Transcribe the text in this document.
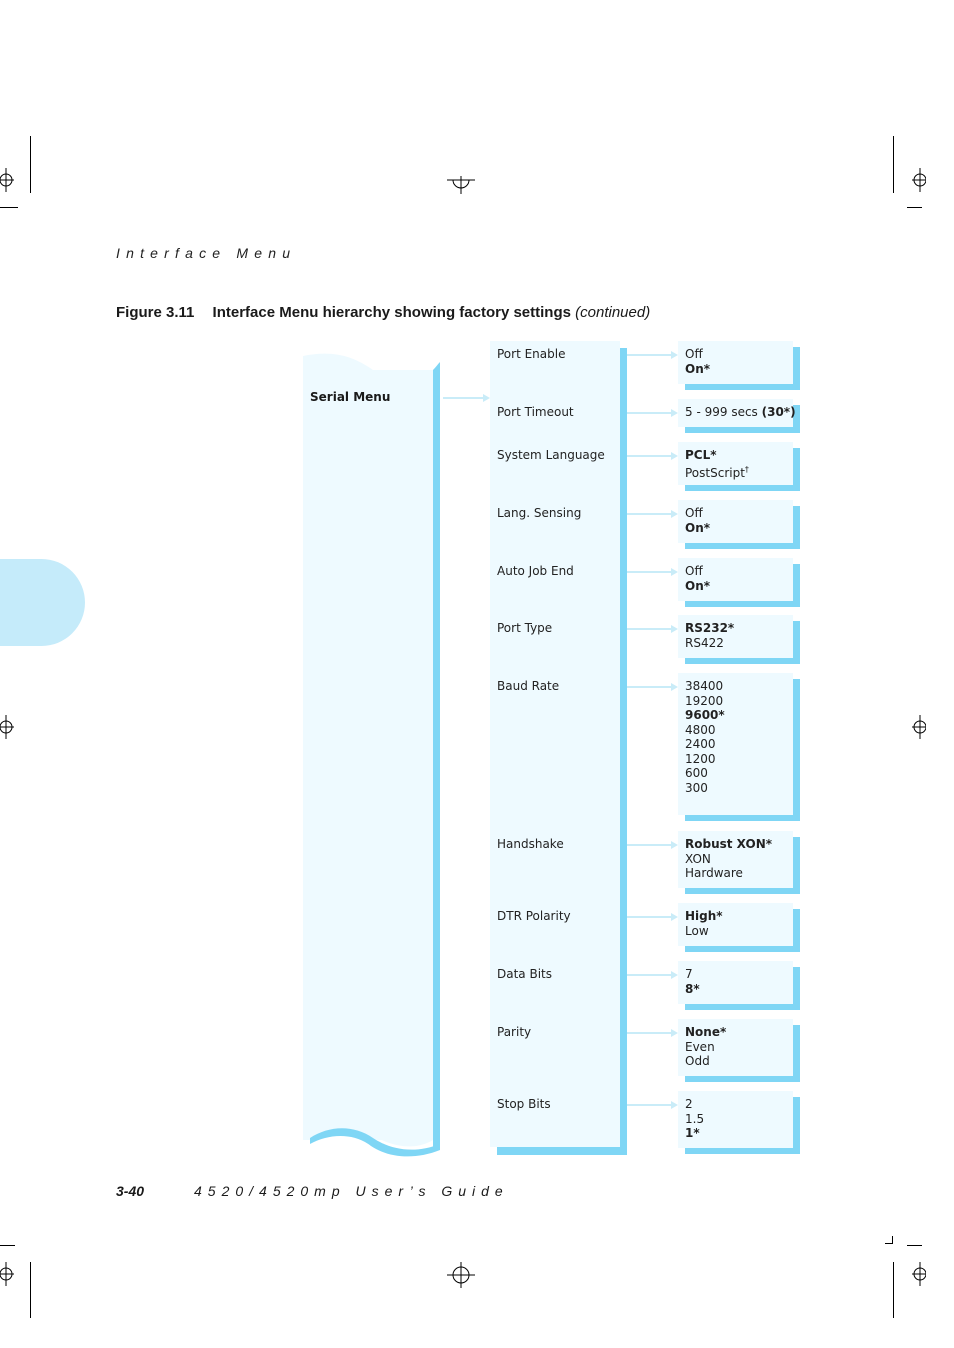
Interface Menu
Figure 3.11 Interface Menu hierarchy showing factory settings (continued)
Serial Menu
Port Enable	Off
On*
Port Timeout	5 - 999 secs (30*)
System Language	PCL*
PostScript†
Lang. Sensing	Off
On*
Auto Job End	Off
On*
Port Type	RS232*
RS422
Baud Rate	38400
19200
9600*
4800
2400
1200
600
300
Handshake	Robust XON*
XON
Hardware
DTR Polarity	High*
Low
Data Bits	7
8*
Parity	None*
Even
Odd
Stop Bits	2
1.5
1*
3-40	4520/4520mp User’s Guide
